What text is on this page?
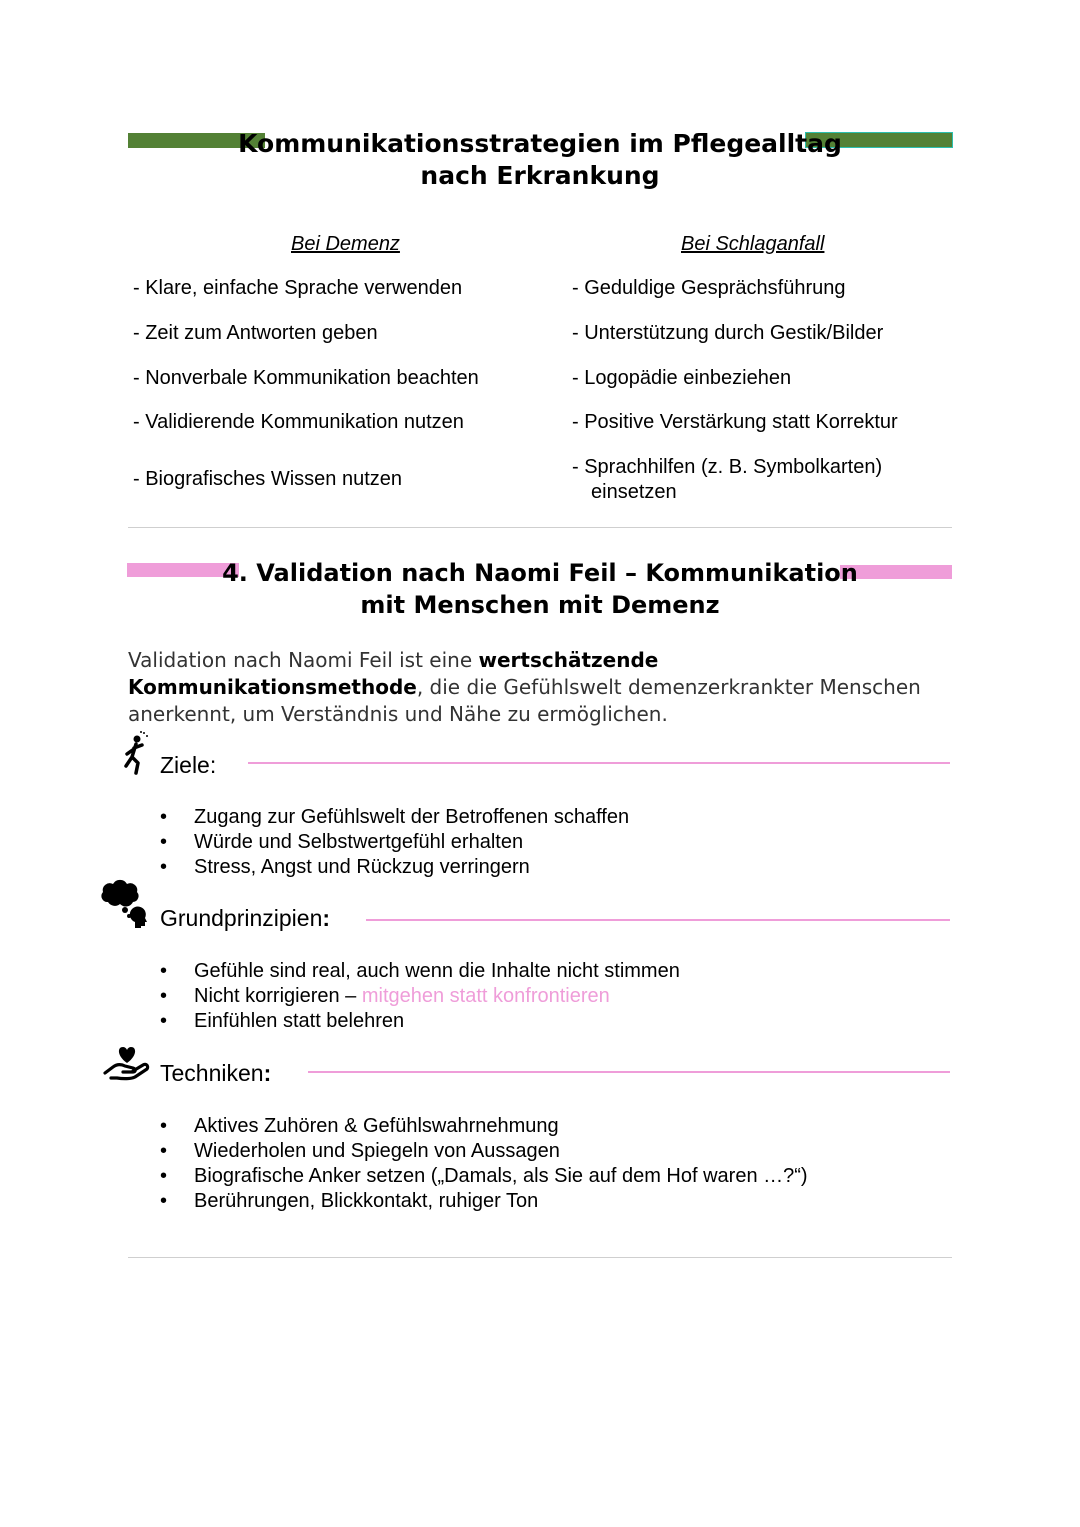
Kommunikationsstrategien im Pflegealltag
nach Erkrankung
Bei Demenz	Bei Schlaganfall
- Klare, einfache Sprache verwenden
- Zeit zum Antworten geben
- Nonverbale Kommunikation beachten
- Validierende Kommunikation nutzen
- Biografisches Wissen nutzen
- Geduldige Gesprächsführung
- Unterstützung durch Gestik/Bilder
- Logopädie einbeziehen
- Positive Verstärkung statt Korrektur
- Sprachhilfen (z. B. Symbolkarten)
einsetzen
4. Validation nach Naomi Feil – Kommunikation
mit Menschen mit Demenz
Validation nach Naomi Feil ist eine wertschätzende Kommunikationsmethode, die die Gefühlswelt demenzerkrankter Menschen anerkennt, um Verständnis und Nähe zu ermöglichen.
Ziele:
• Zugang zur Gefühlswelt der Betroffenen schaffen
• Würde und Selbstwertgefühl erhalten
• Stress, Angst und Rückzug verringern
Grundprinzipien:
• Gefühle sind real, auch wenn die Inhalte nicht stimmen
• Nicht korrigieren – mitgehen statt konfrontieren
• Einfühlen statt belehren
Techniken:
• Aktives Zuhören & Gefühlswahrnehmung
• Wiederholen und Spiegeln von Aussagen
• Biografische Anker setzen („Damals, als Sie auf dem Hof waren …?“)
• Berührungen, Blickkontakt, ruhiger Ton
